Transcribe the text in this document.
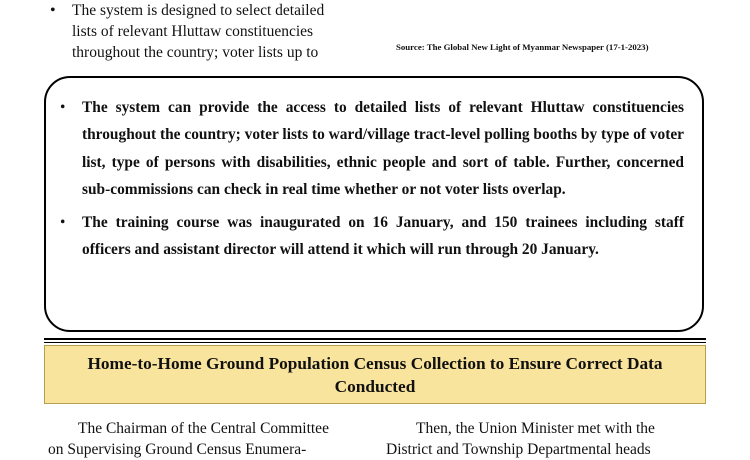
• The system is designed to select detailed
lists of relevant Hluttaw constituencies
throughout the country; voter lists up to	Source: The Global New Light of Myanmar Newspaper (17-1-2023)
• The system can provide the access to detailed lists of relevant Hluttaw constituencies throughout the country; voter lists to ward/village tract-level polling booths by type of voter list, type of persons with disabilities, ethnic people and sort of table. Further, concerned sub-commissions can check in real time whether or not voter lists overlap.
• The training course was inaugurated on 16 January, and 150 trainees including staff officers and assistant director will attend it which will run through 20 January.
Home-to-Home Ground Population Census Collection to Ensure Correct Data Conducted
The Chairman of the Central Committee
on Supervising Ground Census Enumera-
Then, the Union Minister met with the
District and Township Departmental heads
